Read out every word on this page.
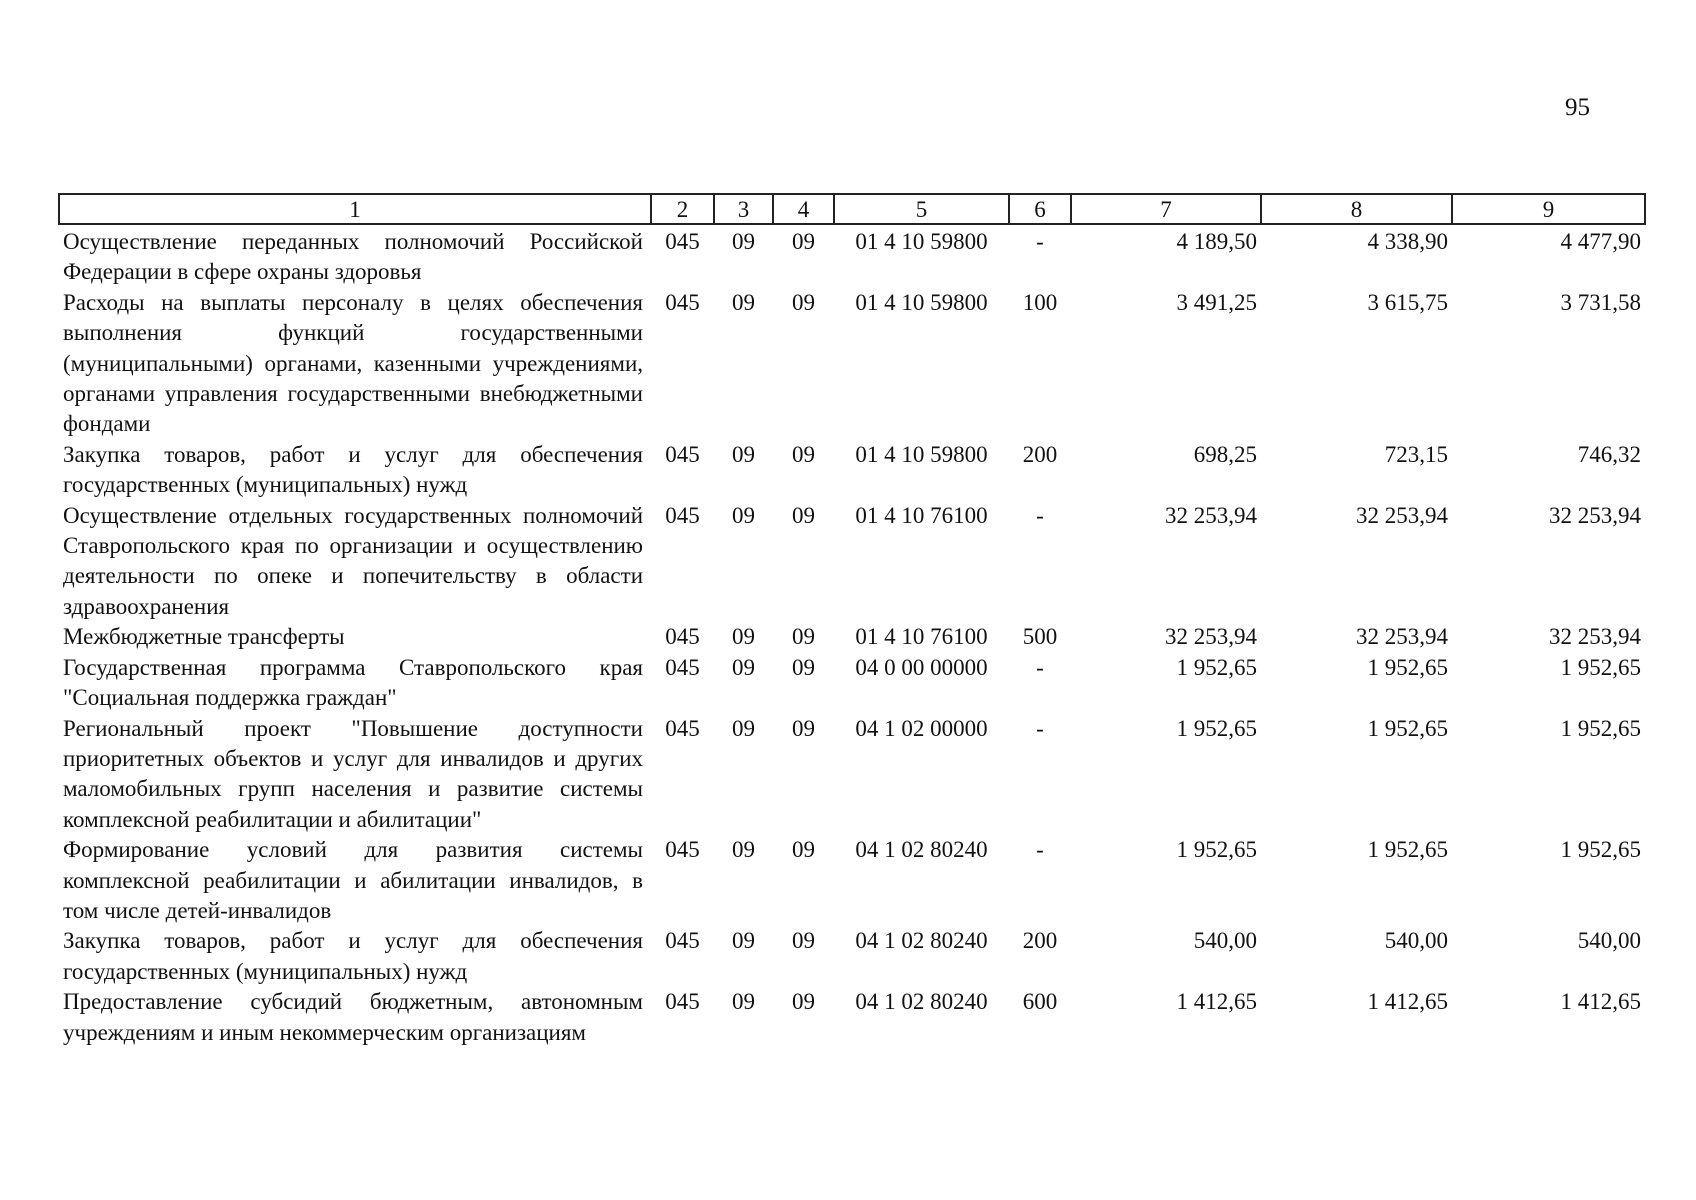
95
1	2	3	4	5	6	7	8	9
Осуществление переданных полномочий Российской Федерации в сфере охраны здоровья	045	09	09	01 4 10 59800	-	4 189,50	4 338,90	4 477,90
Расходы на выплаты персоналу в целях обеспечения выполнения функций государственными (муниципальными) органами, казенными учреждениями, органами управления государственными внебюджетными фондами	045	09	09	01 4 10 59800	100	3 491,25	3 615,75	3 731,58
Закупка товаров, работ и услуг для обеспечения государственных (муниципальных) нужд	045	09	09	01 4 10 59800	200	698,25	723,15	746,32
Осуществление отдельных государственных полномочий Ставропольского края по организации и осуществлению деятельности по опеке и попечительству в области здравоохранения	045	09	09	01 4 10 76100	-	32 253,94	32 253,94	32 253,94
Межбюджетные трансферты	045	09	09	01 4 10 76100	500	32 253,94	32 253,94	32 253,94
Государственная программа Ставропольского края "Социальная поддержка граждан"	045	09	09	04 0 00 00000	-	1 952,65	1 952,65	1 952,65
Региональный проект "Повышение доступности приоритетных объектов и услуг для инвалидов и других маломобильных групп населения и развитие системы комплексной реабилитации и абилитации"	045	09	09	04 1 02 00000	-	1 952,65	1 952,65	1 952,65
Формирование условий для развития системы комплексной реабилитации и абилитации инвалидов, в том числе детей-инвалидов	045	09	09	04 1 02 80240	-	1 952,65	1 952,65	1 952,65
Закупка товаров, работ и услуг для обеспечения государственных (муниципальных) нужд	045	09	09	04 1 02 80240	200	540,00	540,00	540,00
Предоставление субсидий бюджетным, автономным учреждениям и иным некоммерческим организациям	045	09	09	04 1 02 80240	600	1 412,65	1 412,65	1 412,65
